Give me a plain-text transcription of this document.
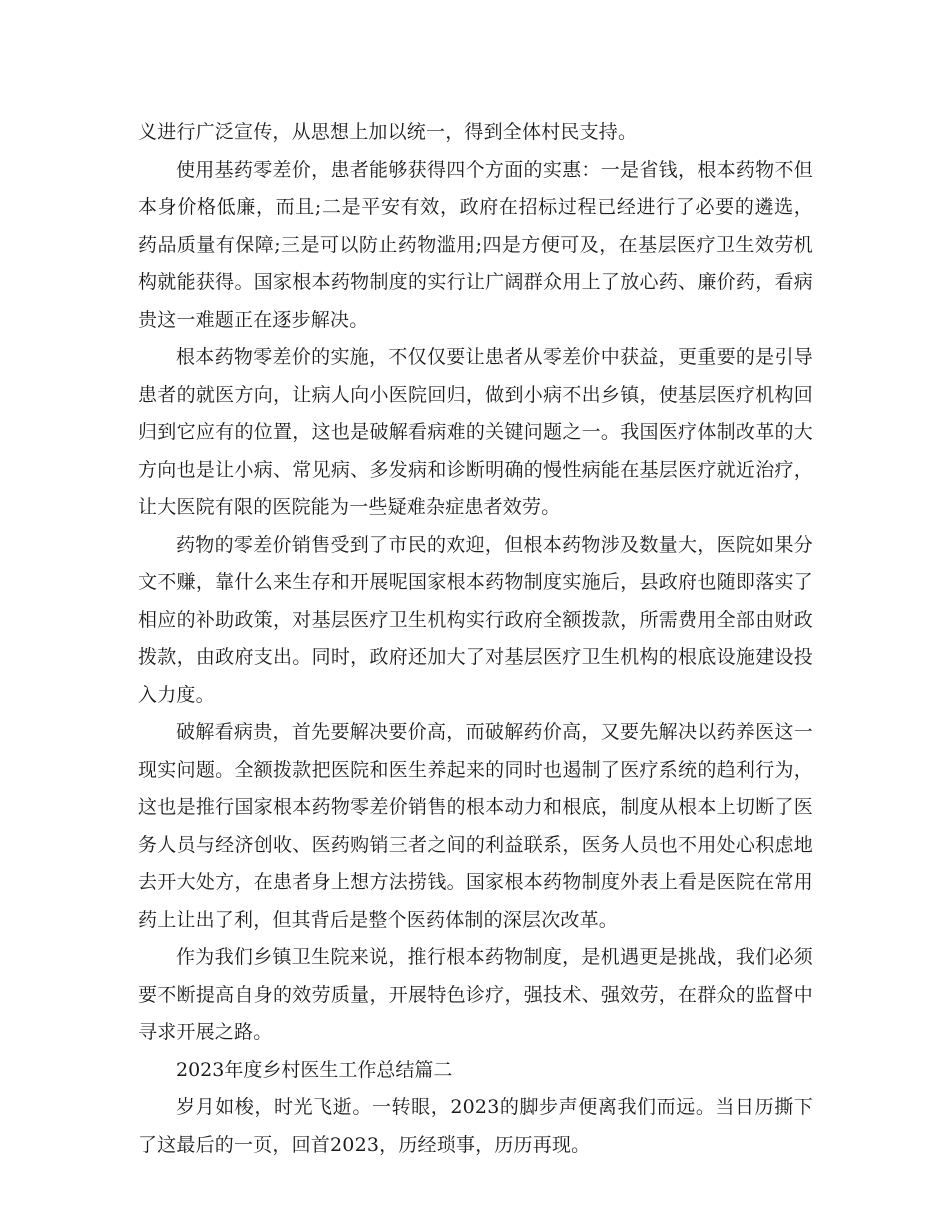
义进行广泛宣传，从思想上加以统一，得到全体村民支持。

使用基药零差价，患者能够获得四个方面的实惠：一是省钱，根本药物不但本身价格低廉，而且;二是平安有效，政府在招标过程已经进行了必要的遴选，药品质量有保障;三是可以防止药物滥用;四是方便可及，在基层医疗卫生效劳机构就能获得。国家根本药物制度的实行让广阔群众用上了放心药、廉价药，看病贵这一难题正在逐步解决。

根本药物零差价的实施，不仅仅要让患者从零差价中获益，更重要的是引导患者的就医方向，让病人向小医院回归，做到小病不出乡镇，使基层医疗机构回归到它应有的位置，这也是破解看病难的关键问题之一。我国医疗体制改革的大方向也是让小病、常见病、多发病和诊断明确的慢性病能在基层医疗就近治疗，让大医院有限的医院能为一些疑难杂症患者效劳。

药物的零差价销售受到了市民的欢迎，但根本药物涉及数量大，医院如果分文不赚，靠什么来生存和开展呢国家根本药物制度实施后，县政府也随即落实了相应的补助政策，对基层医疗卫生机构实行政府全额拨款，所需费用全部由财政拨款，由政府支出。同时，政府还加大了对基层医疗卫生机构的根底设施建设投入力度。

破解看病贵，首先要解决要价高，而破解药价高，又要先解决以药养医这一现实问题。全额拨款把医院和医生养起来的同时也遏制了医疗系统的趋利行为，这也是推行国家根本药物零差价销售的根本动力和根底，制度从根本上切断了医务人员与经济创收、医药购销三者之间的利益联系，医务人员也不用处心积虑地去开大处方，在患者身上想方法捞钱。国家根本药物制度外表上看是医院在常用药上让出了利，但其背后是整个医药体制的深层次改革。

作为我们乡镇卫生院来说，推行根本药物制度，是机遇更是挑战，我们必须要不断提高自身的效劳质量，开展特色诊疗，强技术、强效劳，在群众的监督中寻求开展之路。

2023年度乡村医生工作总结篇二

岁月如梭，时光飞逝。一转眼，2023的脚步声便离我们而远。当日历撕下了这最后的一页，回首2023，历经琐事，历历再现。
